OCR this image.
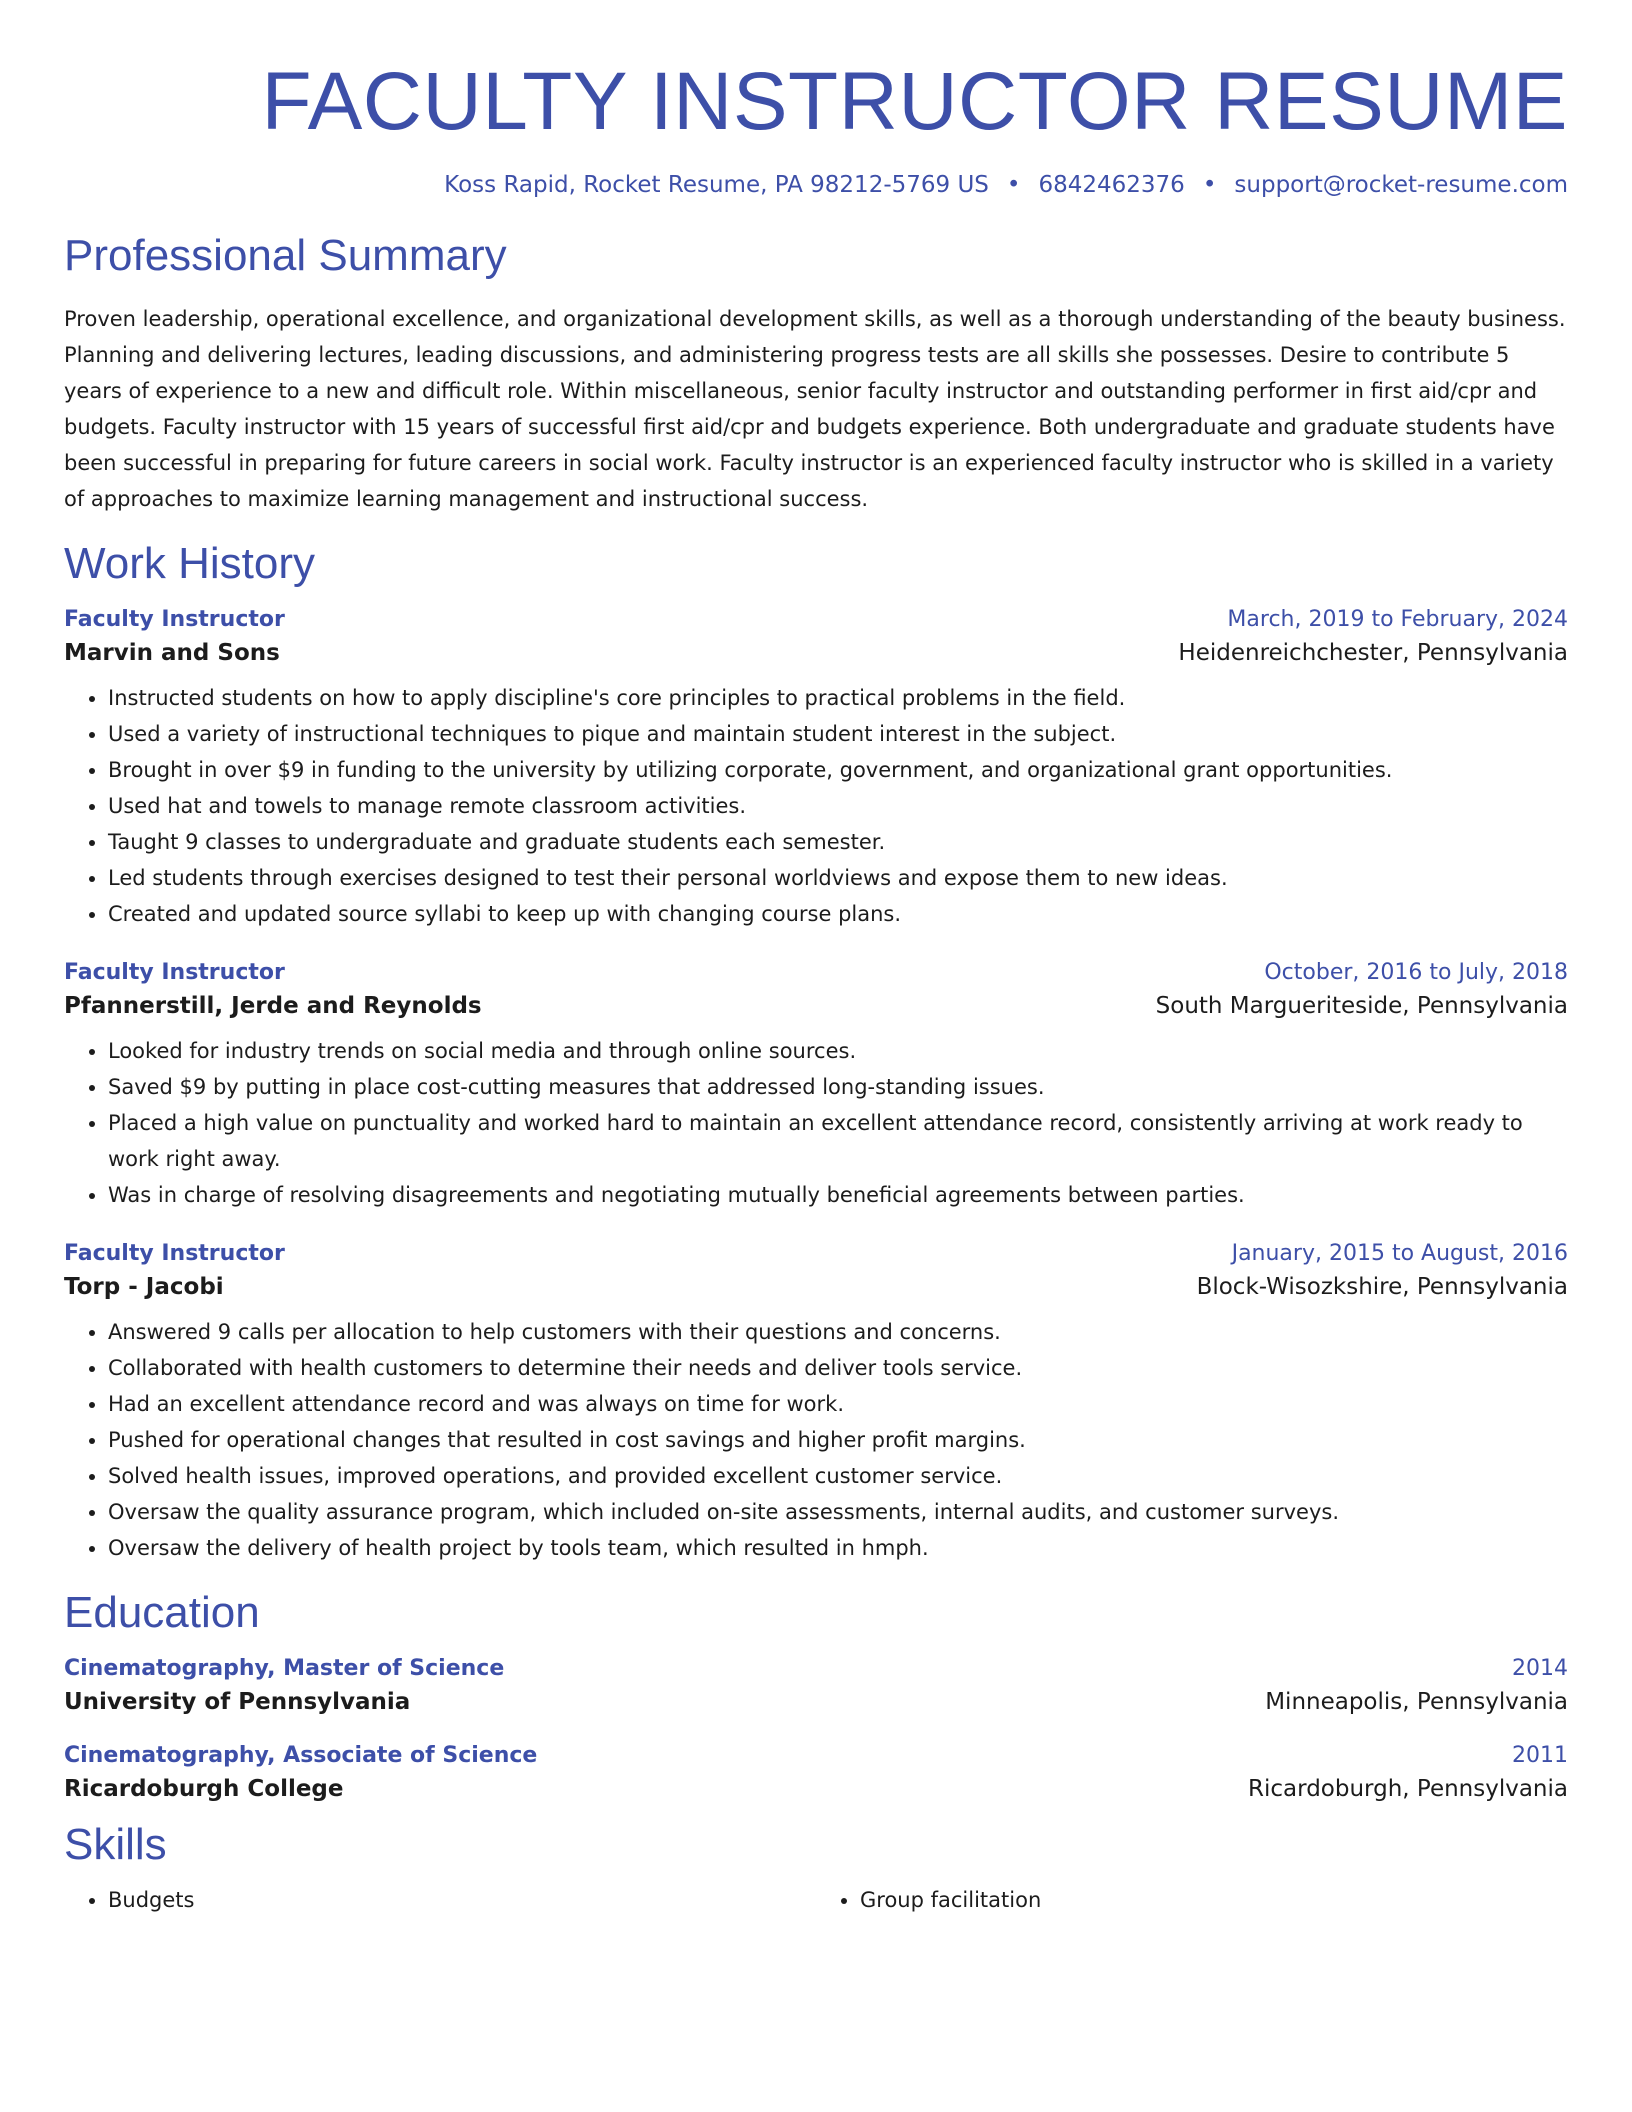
FACULTY INSTRUCTOR RESUME
Koss Rapid, Rocket Resume, PA 98212-5769 US • 6842462376 • support@rocket-resume.com
Professional Summary

Proven leadership, operational excellence, and organizational development skills, as well as a thorough understanding of the beauty business. Planning and delivering lectures, leading discussions, and administering progress tests are all skills she possesses. Desire to contribute 5 years of experience to a new and difficult role. Within miscellaneous, senior faculty instructor and outstanding performer in first aid/cpr and budgets. Faculty instructor with 15 years of successful first aid/cpr and budgets experience. Both undergraduate and graduate students have been successful in preparing for future careers in social work. Faculty instructor is an experienced faculty instructor who is skilled in a variety of approaches to maximize learning management and instructional success.

Work History
Faculty Instructor	March, 2019 to February, 2024
Marvin and Sons	Heidenreichchester, Pennsylvania
• Instructed students on how to apply discipline's core principles to practical problems in the field.
• Used a variety of instructional techniques to pique and maintain student interest in the subject.
• Brought in over $9 in funding to the university by utilizing corporate, government, and organizational grant opportunities.
• Used hat and towels to manage remote classroom activities.
• Taught 9 classes to undergraduate and graduate students each semester.
• Led students through exercises designed to test their personal worldviews and expose them to new ideas.
• Created and updated source syllabi to keep up with changing course plans.
Faculty Instructor	October, 2016 to July, 2018
Pfannerstill, Jerde and Reynolds	South Margueriteside, Pennsylvania
• Looked for industry trends on social media and through online sources.
• Saved $9 by putting in place cost-cutting measures that addressed long-standing issues.
• Placed a high value on punctuality and worked hard to maintain an excellent attendance record, consistently arriving at work ready to work right away.
• Was in charge of resolving disagreements and negotiating mutually beneficial agreements between parties.
Faculty Instructor	January, 2015 to August, 2016
Torp - Jacobi	Block-Wisozkshire, Pennsylvania
• Answered 9 calls per allocation to help customers with their questions and concerns.
• Collaborated with health customers to determine their needs and deliver tools service.
• Had an excellent attendance record and was always on time for work.
• Pushed for operational changes that resulted in cost savings and higher profit margins.
• Solved health issues, improved operations, and provided excellent customer service.
• Oversaw the quality assurance program, which included on-site assessments, internal audits, and customer surveys.
• Oversaw the delivery of health project by tools team, which resulted in hmph.
Education
Cinematography, Master of Science	2014
University of Pennsylvania	Minneapolis, Pennsylvania
Cinematography, Associate of Science	2011
Ricardoburgh College	Ricardoburgh, Pennsylvania
Skills
• Budgets
•	Group facilitation
